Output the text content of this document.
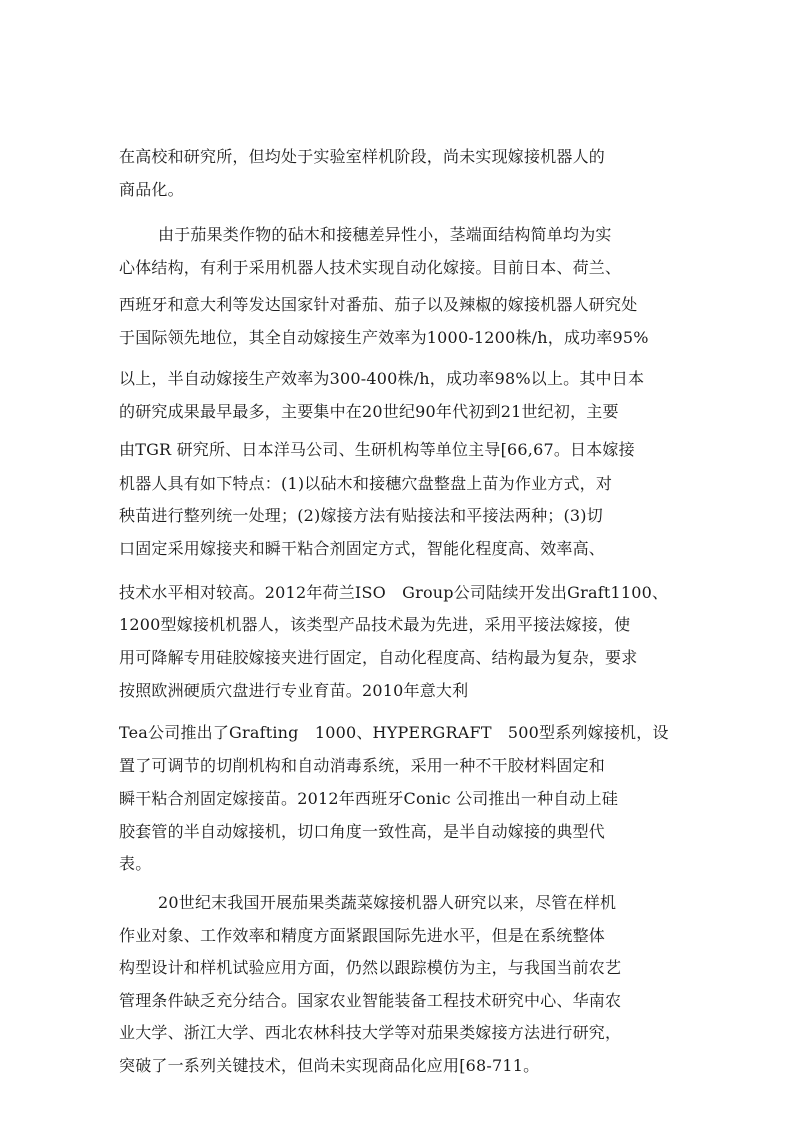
在高校和研究所，但均处于实验室样机阶段，尚未实现嫁接机器人的
商品化。
由于茄果类作物的砧木和接穗差异性小，茎端面结构简单均为实
心体结构，有利于采用机器人技术实现自动化嫁接。目前日本、荷兰、
西班牙和意大利等发达国家针对番茄、茄子以及辣椒的嫁接机器人研究处
于国际领先地位，其全自动嫁接生产效率为1000-1200株/h，成功率95%
以上，半自动嫁接生产效率为300-400株/h，成功率98%以上。其中日本
的研究成果最早最多，主要集中在20世纪90年代初到21世纪初，主要
由TGR 研究所、日本洋马公司、生研机构等单位主导[66,67。日本嫁接
机器人具有如下特点：(1)以砧木和接穗穴盘整盘上苗为作业方式，对
秧苗进行整列统一处理；(2)嫁接方法有贴接法和平接法两种；(3)切
口固定采用嫁接夹和瞬干粘合剂固定方式，智能化程度高、效率高、
技术水平相对较高。2012年荷兰ISO　Group公司陆续开发出Graft1100、
1200型嫁接机机器人，该类型产品技术最为先进，采用平接法嫁接，使
用可降解专用硅胶嫁接夹进行固定，自动化程度高、结构最为复杂，要求
按照欧洲硬质穴盘进行专业育苗。2010年意大利
Tea公司推出了Grafting　1000、HYPERGRAFT　500型系列嫁接机，设
置了可调节的切削机构和自动消毒系统，采用一种不干胶材料固定和
瞬干粘合剂固定嫁接苗。2012年西班牙Conic 公司推出一种自动上硅
胶套管的半自动嫁接机，切口角度一致性高，是半自动嫁接的典型代
表。
20世纪末我国开展茄果类蔬菜嫁接机器人研究以来，尽管在样机
作业对象、工作效率和精度方面紧跟国际先进水平，但是在系统整体
构型设计和样机试验应用方面，仍然以跟踪模仿为主，与我国当前农艺
管理条件缺乏充分结合。国家农业智能装备工程技术研究中心、华南农
业大学、浙江大学、西北农林科技大学等对茄果类嫁接方法进行研究，
突破了一系列关键技术，但尚未实现商品化应用[68-711。
